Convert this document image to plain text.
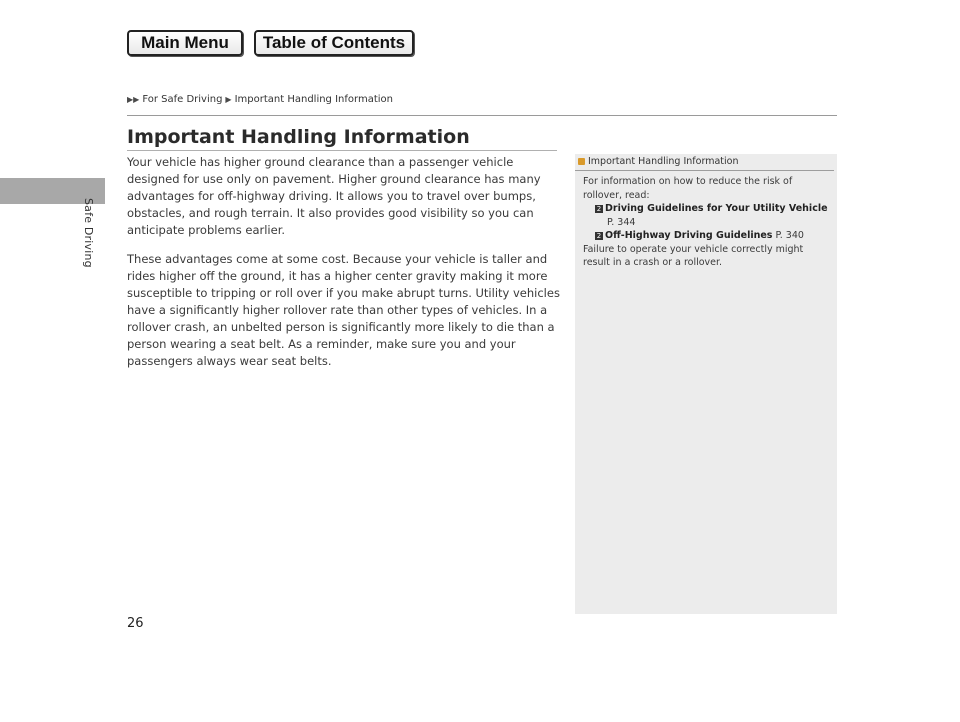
Main Menu	Table of Contents
▶▶ For Safe Driving ▶ Important Handling Information
Safe Driving
Important Handling Information

Your vehicle has higher ground clearance than a passenger vehicle designed for use only on pavement. Higher ground clearance has many advantages for off-highway driving. It allows you to travel over bumps, obstacles, and rough terrain. It also provides good visibility so you can anticipate problems earlier.

These advantages come at some cost. Because your vehicle is taller and rides higher off the ground, it has a higher center gravity making it more susceptible to tripping or roll over if you make abrupt turns. Utility vehicles have a significantly higher rollover rate than other types of vehicles. In a rollover crash, an unbelted person is significantly more likely to die than a person wearing a seat belt. As a reminder, make sure you and your passengers always wear seat belts.

Important Handling Information
For information on how to reduce the risk of rollover, read:
2 Driving Guidelines for Your Utility Vehicle
P. 344
2 Off-Highway Driving Guidelines P. 340
Failure to operate your vehicle correctly might result in a crash or a rollover.
26
